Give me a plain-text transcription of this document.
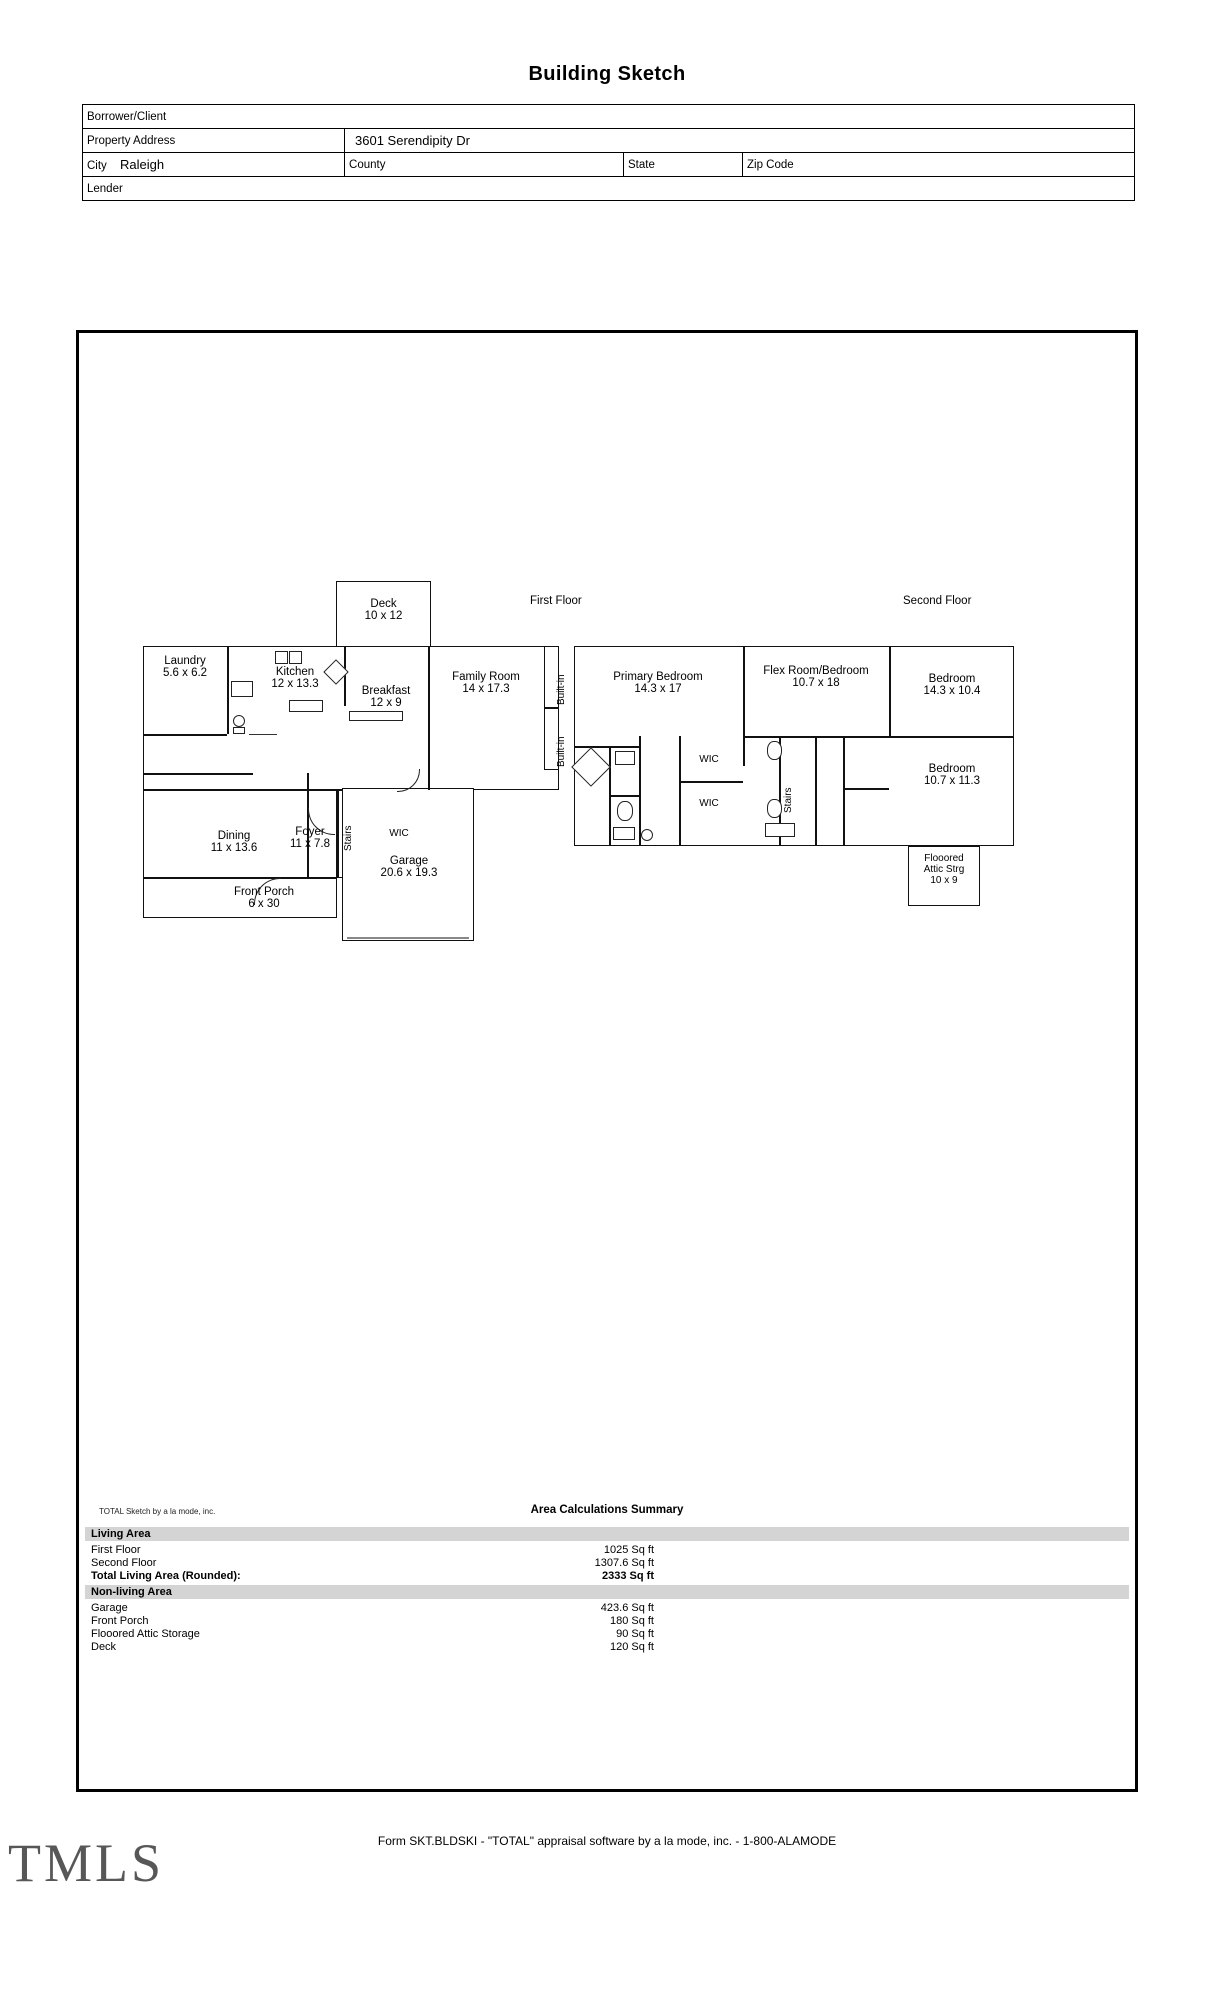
Building Sketch
Borrower/Client			
Property Address	3601 Serendipity Dr		
City Raleigh	County	State	Zip Code
Lender			
First Floor	Second Floor
Deck
10 x 12
Built-in
Built-in
Laundry
5.6 x 6.2	Kitchen
12 x 13.3
Breakfast
12 x 9
Family Room
14 x 17.3
Dining
11 x 13.6
Foyer
11 x 7.8
Front Porch
6 x 30
Garage
20.6 x 19.3
Stairs	WIC
Primary Bedroom
14.3 x 17
Flex Room/Bedroom
10.7 x 18	Bedroom
14.3 x 10.4
Bedroom
10.7 x 11.3
WIC
WIC	Stairs
Flooored
Attic Strg
10 x 9
TOTAL Sketch by a la mode, inc.	Area Calculations Summary
Living Area
First Floor	1025 Sq ft
Second Floor	1307.6 Sq ft
Total Living Area (Rounded):	2333 Sq ft
Non-living Area
Garage	423.6 Sq ft
Front Porch	180 Sq ft
Flooored Attic Storage	90 Sq ft
Deck	120 Sq ft
TMLS	Form SKT.BLDSKI - "TOTAL" appraisal software by a la mode, inc. - 1-800-ALAMODE
